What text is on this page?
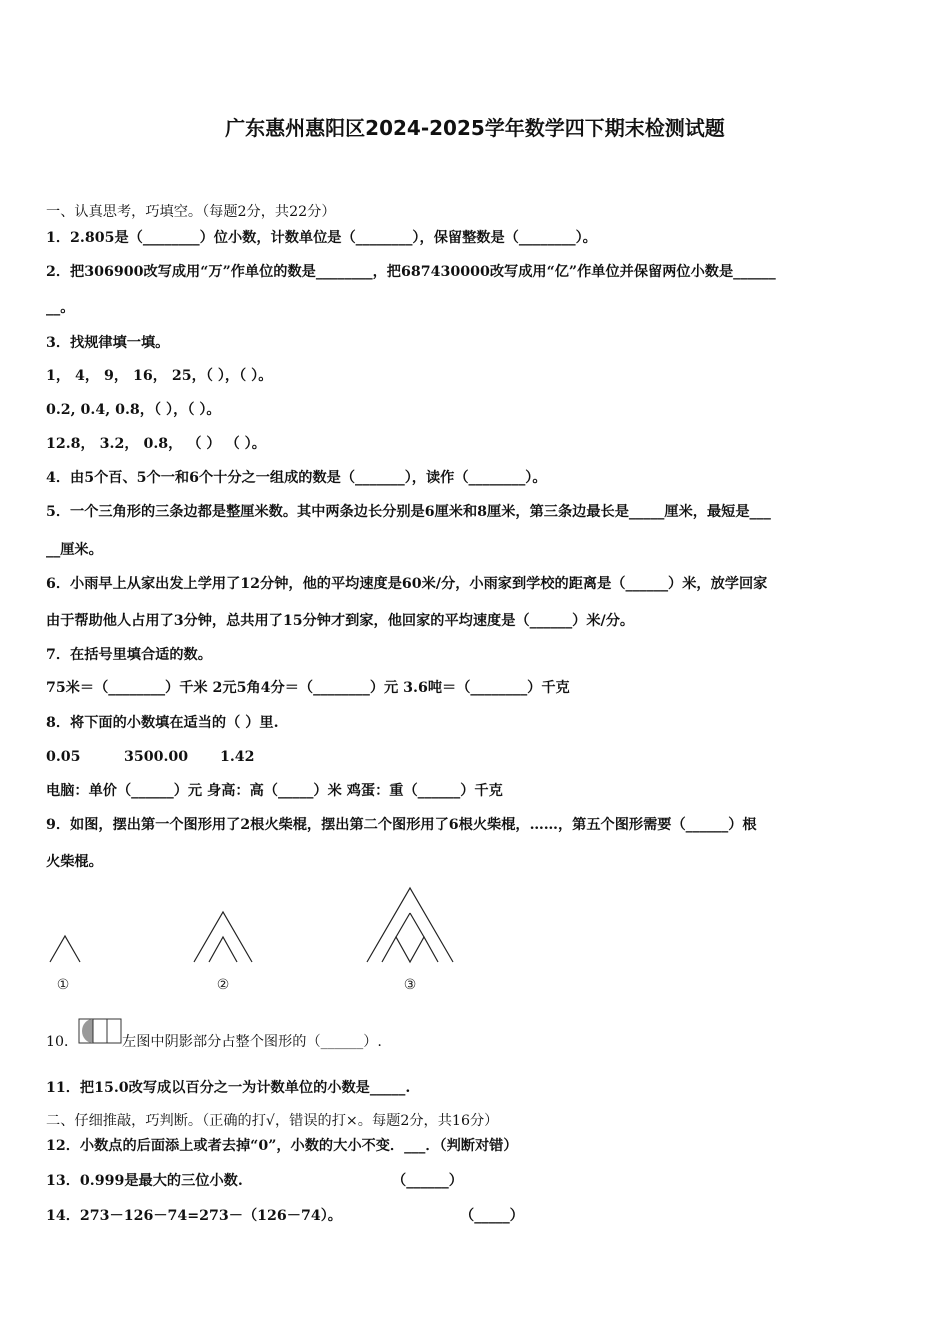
广东惠州惠阳区2024-2025学年数学四下期末检测试题
一、认真思考，巧填空。（每题2分，共22分）
1．2.805是（________）位小数，计数单位是（________），保留整数是（________）。
2．把306900改写成用“万”作单位的数是________，把687430000改写成用“亿”作单位并保留两位小数是______
__。
3．找规律填一填。
1， 4， 9， 16， 25，（ ），（ ）。
0.2, 0.4, 0.8，（ ），（ ）。
12.8， 3.2， 0.8， （ ） （ ）。
4．由5个百、5个一和6个十分之一组成的数是（_______），读作（________）。
5．一个三角形的三条边都是整厘米数。其中两条边长分别是6厘米和8厘米，第三条边最长是_____厘米，最短是___
__厘米。
6．小雨早上从家出发上学用了12分钟，他的平均速度是60米/分，小雨家到学校的距离是（______）米，放学回家
由于帮助他人占用了3分钟，总共用了15分钟才到家，他回家的平均速度是（______）米/分。
7．在括号里填合适的数。
75米＝（________）千米 2元5角4分＝（________）元 3.6吨＝（________）千克
8．将下面的小数填在适当的（ ）里.
0.05	3500.00 1.42
电脑：单价（______）元 身高：高（_____）米 鸡蛋：重（______）千克
9．如图，摆出第一个图形用了2根火柴棍，摆出第二个图形用了6根火柴棍，……，第五个图形需要（______）根
火柴棍。
①	②	③
10．	左图中阴影部分占整个图形的（______）.
11．把15.0改写成以百分之一为计数单位的小数是_____.
二、仔细推敲，巧判断。（正确的打√，错误的打×。每题2分，共16分）
12．小数点的后面添上或者去掉“0”，小数的大小不变．___．（判断对错）
13．0.999是最大的三位小数.	（______）
14．273－126－74=273－（126－74）。	（_____）
